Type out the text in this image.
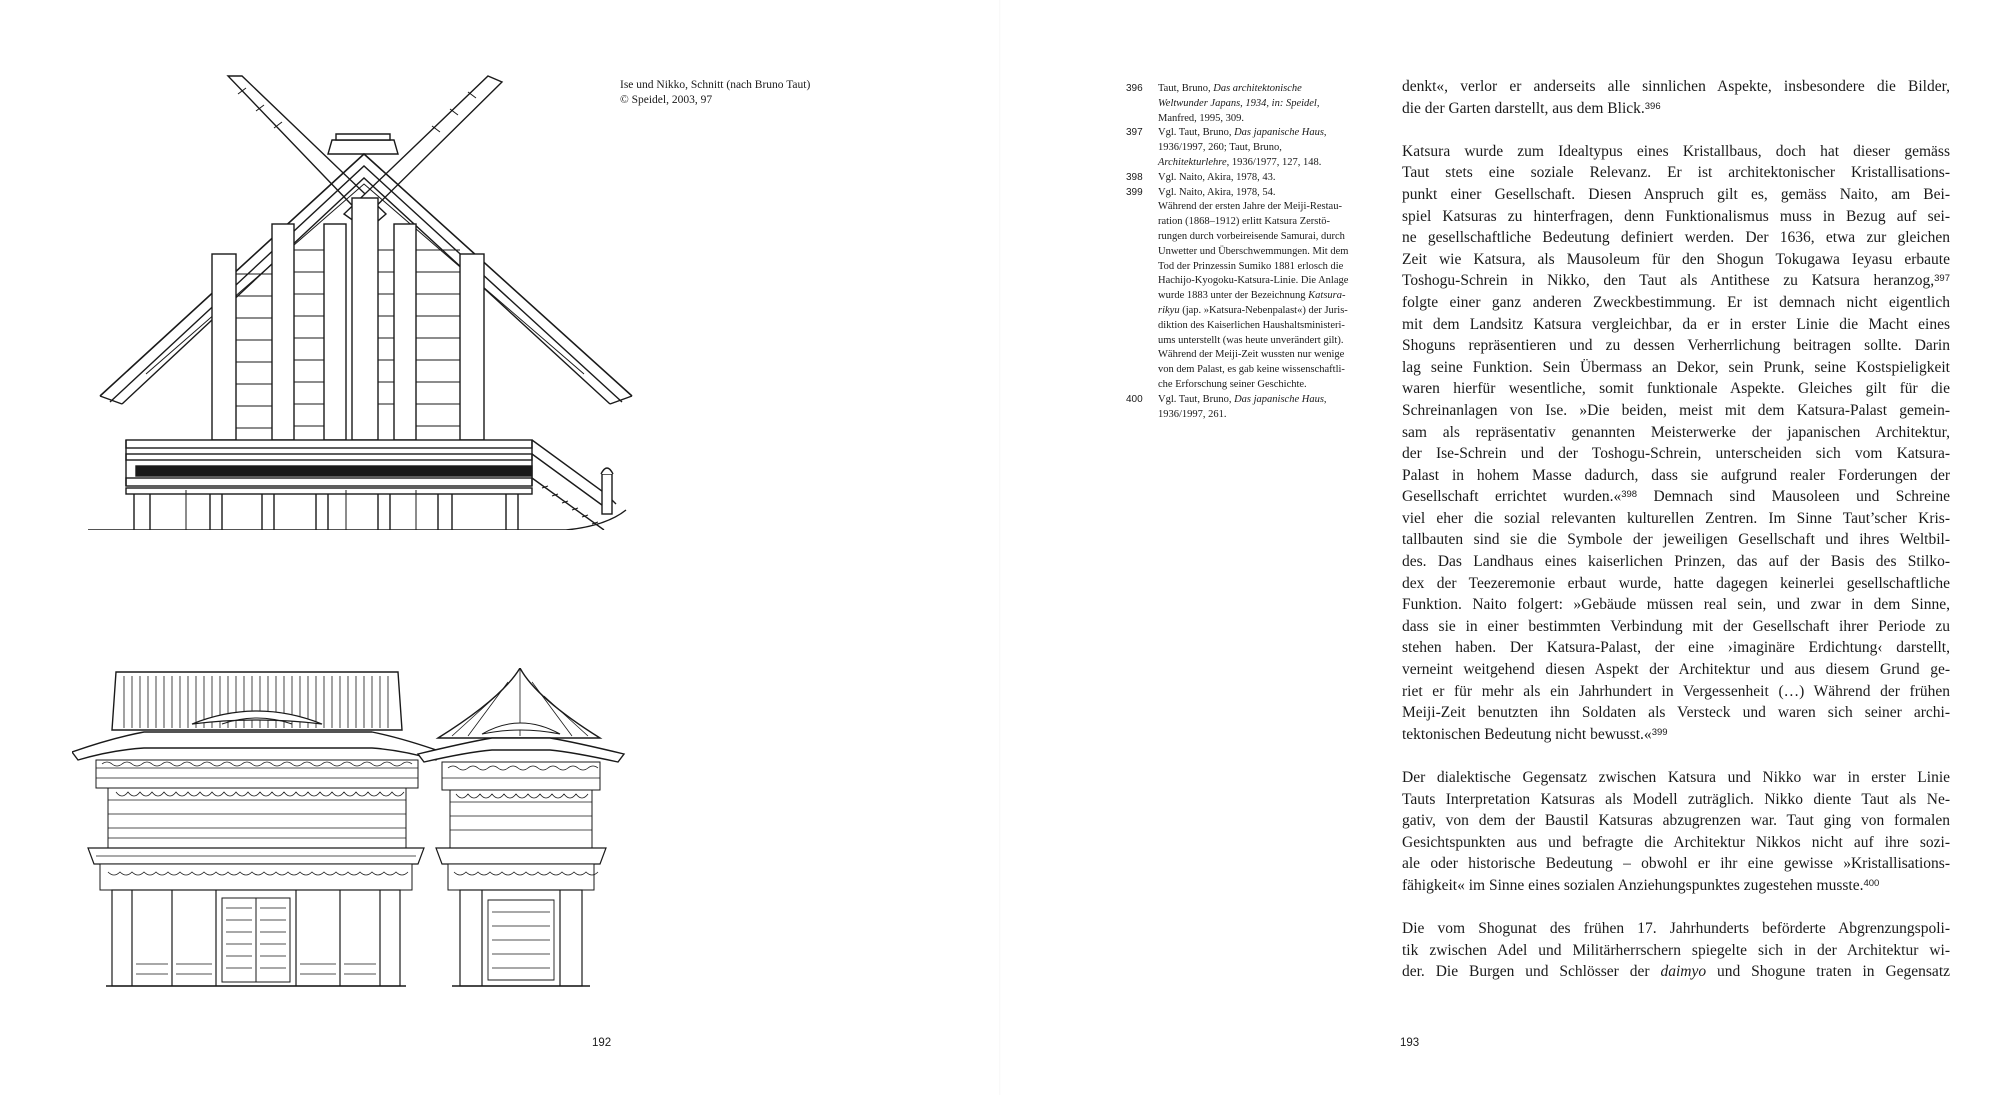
Ise und Nikko, Schnitt (nach Bruno Taut)
© Speidel, 2003, 97
192
396 Taut, Bruno, Das architektonische
Weltwunder Japans, 1934, in: Speidel,
Manfred, 1995, 309.
397 Vgl. Taut, Bruno, Das japanische Haus,
1936/1997, 260; Taut, Bruno,
Architekturlehre, 1936/1977, 127, 148.
398 Vgl. Naito, Akira, 1978, 43.
399 Vgl. Naito, Akira, 1978, 54.
Während der ersten Jahre der Meiji-Restau-
ration (1868–1912) erlitt Katsura Zerstö-
rungen durch vorbeireisende Samurai, durch
Unwetter und Überschwemmungen. Mit dem
Tod der Prinzessin Sumiko 1881 erlosch die
Hachijo-Kyogoku-Katsura-Linie. Die Anlage
wurde 1883 unter der Bezeichnung Katsura-
rikyu (jap. »Katsura-Nebenpalast«) der Juris-
diktion des Kaiserlichen Haushaltsministeri-
ums unterstellt (was heute unverändert gilt).
Während der Meiji-Zeit wussten nur wenige
von dem Palast, es gab keine wissenschaftli-
che Erforschung seiner Geschichte.
400 Vgl. Taut, Bruno, Das japanische Haus,
1936/1997, 261.
denkt«, verlor er anderseits alle sinnlichen Aspekte, insbesondere die Bilder,
die der Garten darstellt, aus dem Blick.$^{396}$
Katsura wurde zum Idealtypus eines Kristallbaus, doch hat dieser gemäss
Taut stets eine soziale Relevanz. Er ist architektonischer Kristallisations-
punkt einer Gesellschaft. Diesen Anspruch gilt es, gemäss Naito, am Bei-
spiel Katsuras zu hinterfragen, denn Funktionalismus muss in Bezug auf sei-
ne gesellschaftliche Bedeutung definiert werden. Der 1636, etwa zur gleichen
Zeit wie Katsura, als Mausoleum für den Shogun Tokugawa Ieyasu erbaute
Toshogu-Schrein in Nikko, den Taut als Antithese zu Katsura heranzog,$^{397}$
folgte einer ganz anderen Zweckbestimmung. Er ist demnach nicht eigentlich
mit dem Landsitz Katsura vergleichbar, da er in erster Linie die Macht eines
Shoguns repräsentieren und zu dessen Verherrlichung beitragen sollte. Darin
lag seine Funktion. Sein Übermass an Dekor, sein Prunk, seine Kostspieligkeit
waren hierfür wesentliche, somit funktionale Aspekte. Gleiches gilt für die
Schreinanlagen von Ise. »Die beiden, meist mit dem Katsura-Palast gemein-
sam als repräsentativ genannten Meisterwerke der japanischen Architektur,
der Ise-Schrein und der Toshogu-Schrein, unterscheiden sich vom Katsura-
Palast in hohem Masse dadurch, dass sie aufgrund realer Forderungen der
Gesellschaft errichtet wurden.«$^{398}$ Demnach sind Mausoleen und Schreine
viel eher die sozial relevanten kulturellen Zentren. Im Sinne Taut’scher Kris-
tallbauten sind sie die Symbole der jeweiligen Gesellschaft und ihres Weltbil-
des. Das Landhaus eines kaiserlichen Prinzen, das auf der Basis des Stilko-
dex der Teezeremonie erbaut wurde, hatte dagegen keinerlei gesellschaftliche
Funktion. Naito folgert: »Gebäude müssen real sein, und zwar in dem Sinne,
dass sie in einer bestimmten Verbindung mit der Gesellschaft ihrer Periode zu
stehen haben. Der Katsura-Palast, der eine ›imaginäre Erdichtung‹ darstellt,
verneint weitgehend diesen Aspekt der Architektur und aus diesem Grund ge-
riet er für mehr als ein Jahrhundert in Vergessenheit (…) Während der frühen
Meiji-Zeit benutzten ihn Soldaten als Versteck und waren sich seiner archi-
tektonischen Bedeutung nicht bewusst.«$^{399}$
Der dialektische Gegensatz zwischen Katsura und Nikko war in erster Linie
Tauts Interpretation Katsuras als Modell zuträglich. Nikko diente Taut als Ne-
gativ, von dem der Baustil Katsuras abzugrenzen war. Taut ging von formalen
Gesichtspunkten aus und befragte die Architektur Nikkos nicht auf ihre sozi-
ale oder historische Bedeutung – obwohl er ihr eine gewisse »Kristallisations-
fähigkeit« im Sinne eines sozialen Anziehungspunktes zugestehen musste.$^{400}$
Die vom Shogunat des frühen 17. Jahrhunderts beförderte Abgrenzungspoli-
tik zwischen Adel und Militärherrschern spiegelte sich in der Architektur wi-
der. Die Burgen und Schlösser der daimyo und Shogune traten in Gegensatz
193
